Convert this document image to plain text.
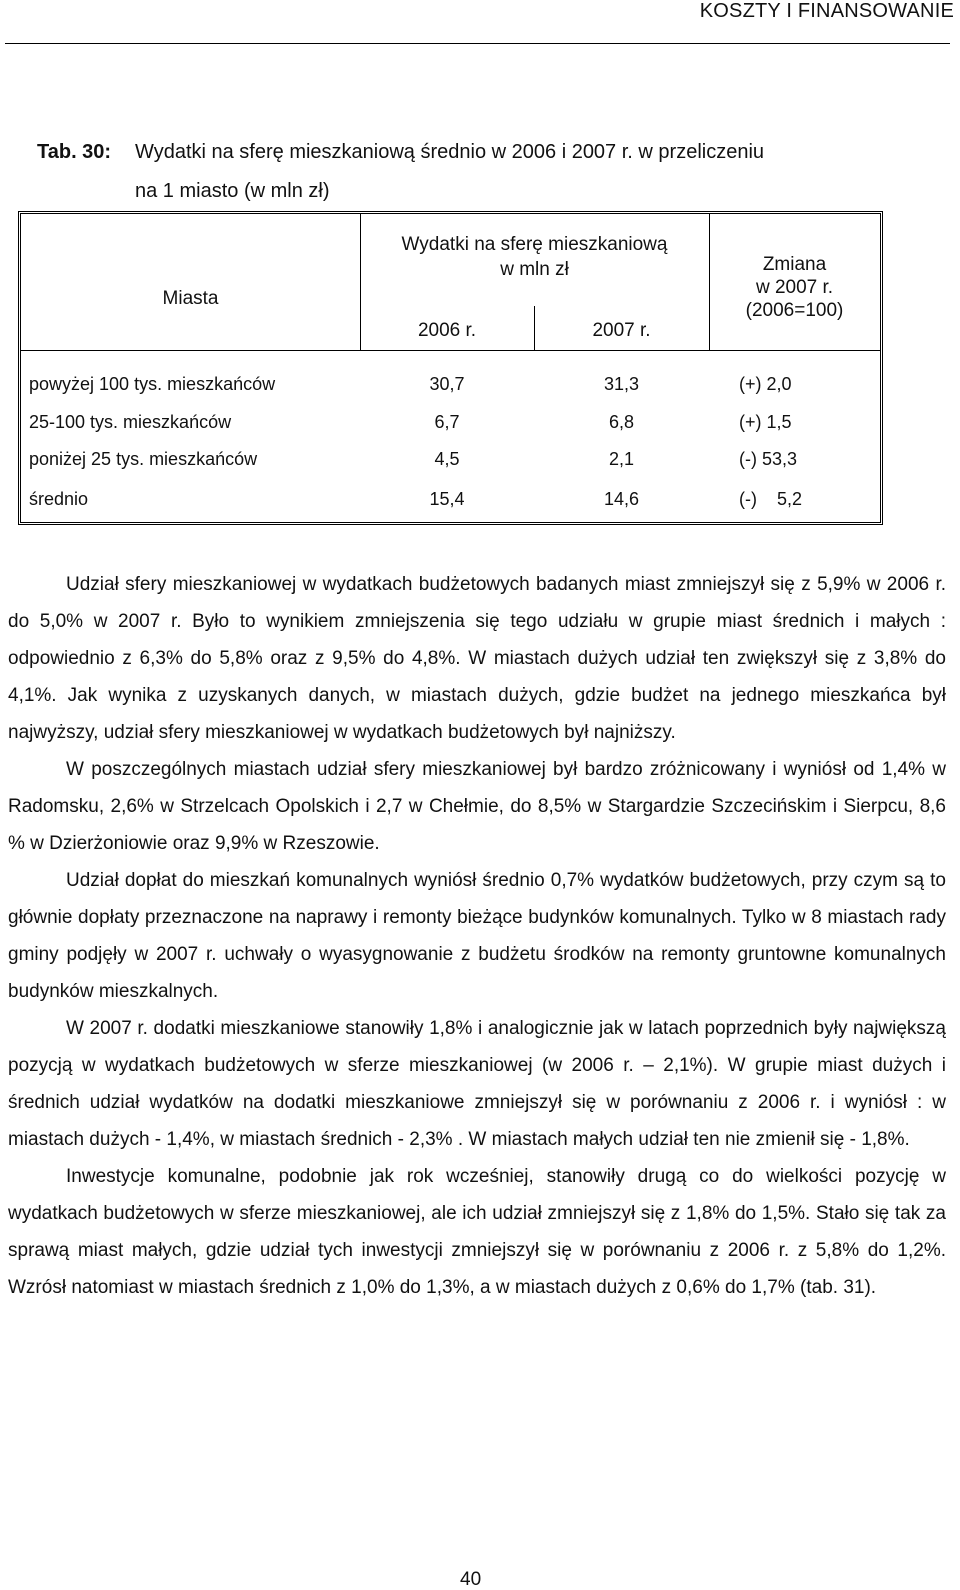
KOSZTY I FINANSOWANIE
Tab. 30: Wydatki na sferę mieszkaniową średnio w 2006 i 2007 r. w przeliczeniu
na 1 miasto (w mln zł)
Miasta
Wydatki na sferę mieszkaniową
w mln zł
2006 r.	2007 r.
Zmiana
w 2007 r.
(2006=100)
powyżej 100 tys. mieszkańców	30,7	31,3	(+) 2,0
25-100 tys. mieszkańców	6,7	6,8	(+) 1,5
poniżej 25 tys. mieszkańców	4,5	2,1	(-) 53,3
średnio	15,4	14,6	(-)    5,2

Udział sfery mieszkaniowej w wydatkach budżetowych badanych miast zmniejszył się z 5,9% w 2006 r. do 5,0% w 2007 r. Było to wynikiem zmniejszenia się tego udziału w grupie miast średnich i małych : odpowiednio z 6,3% do 5,8% oraz z 9,5% do 4,8%. W miastach dużych udział ten zwiększył się z 3,8% do 4,1%. Jak wynika z uzyskanych danych, w miastach dużych, gdzie budżet na jednego mieszkańca był najwyższy, udział sfery mieszkaniowej w wydatkach budżetowych był najniższy.

W poszczególnych miastach udział sfery mieszkaniowej był bardzo zróżnicowany i wyniósł od 1,4% w Radomsku, 2,6% w Strzelcach Opolskich i 2,7 w Chełmie, do 8,5% w Stargardzie Szczecińskim i Sierpcu, 8,6 % w Dzierżoniowie oraz 9,9% w Rzeszowie.

Udział dopłat do mieszkań komunalnych wyniósł średnio 0,7% wydatków budżetowych, przy czym są to głównie dopłaty przeznaczone na naprawy i remonty bieżące budynków komunalnych. Tylko w 8 miastach rady gminy podjęły w 2007 r. uchwały o wyasygnowanie z budżetu środków na remonty gruntowne komunalnych budynków mieszkalnych.

W 2007 r. dodatki mieszkaniowe stanowiły 1,8% i analogicznie jak w latach poprzednich były największą pozycją w wydatkach budżetowych w sferze mieszkaniowej (w 2006 r. – 2,1%). W grupie miast dużych i średnich udział wydatków na dodatki mieszkaniowe zmniejszył się w porównaniu z 2006 r. i wyniósł : w miastach dużych - 1,4%, w miastach średnich - 2,3% . W miastach małych udział ten nie zmienił się - 1,8%.

Inwestycje komunalne, podobnie jak rok wcześniej, stanowiły drugą co do wielkości pozycję w wydatkach budżetowych w sferze mieszkaniowej, ale ich udział zmniejszył się z 1,8% do 1,5%. Stało się tak za sprawą miast małych, gdzie udział tych inwestycji zmniejszył się w porównaniu z 2006 r. z 5,8% do 1,2%. Wzrósł natomiast w miastach średnich z 1,0% do 1,3%, a w miastach dużych z 0,6% do 1,7% (tab. 31).

40
